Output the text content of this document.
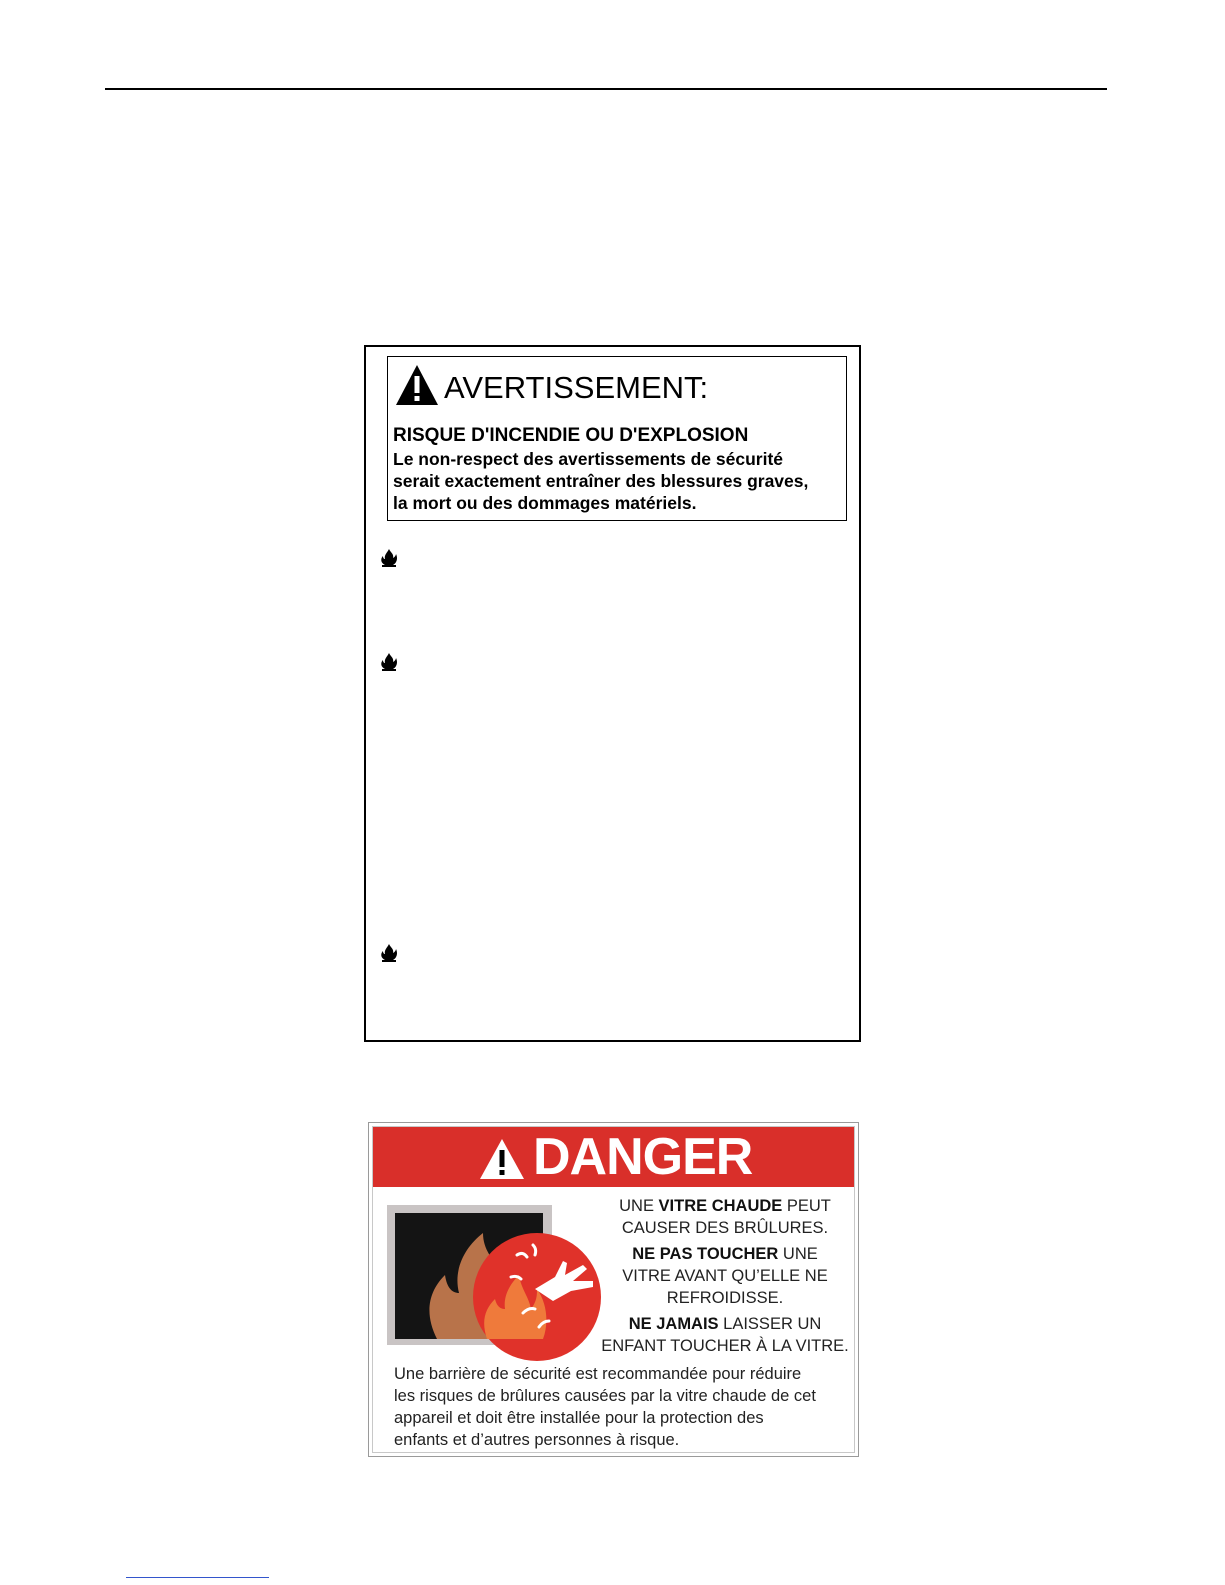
AVERTISSEMENT:
RISQUE D'INCENDIE OU D'EXPLOSION
Le non-respect des avertissements de sécurité
serait exactement entraîner des blessures graves,
la mort ou des dommages matériels.
DANGER
UNE VITRE CHAUDE PEUT
CAUSER DES BRÛLURES.
NE PAS TOUCHER UNE
VITRE AVANT QU’ELLE NE
REFROIDISSE.
NE JAMAIS LAISSER UN
ENFANT TOUCHER À LA VITRE.
Une barrière de sécurité est recommandée pour réduire
les risques de brûlures causées par la vitre chaude de cet
appareil et doit être installée pour la protection des
enfants et d’autres personnes à risque.
